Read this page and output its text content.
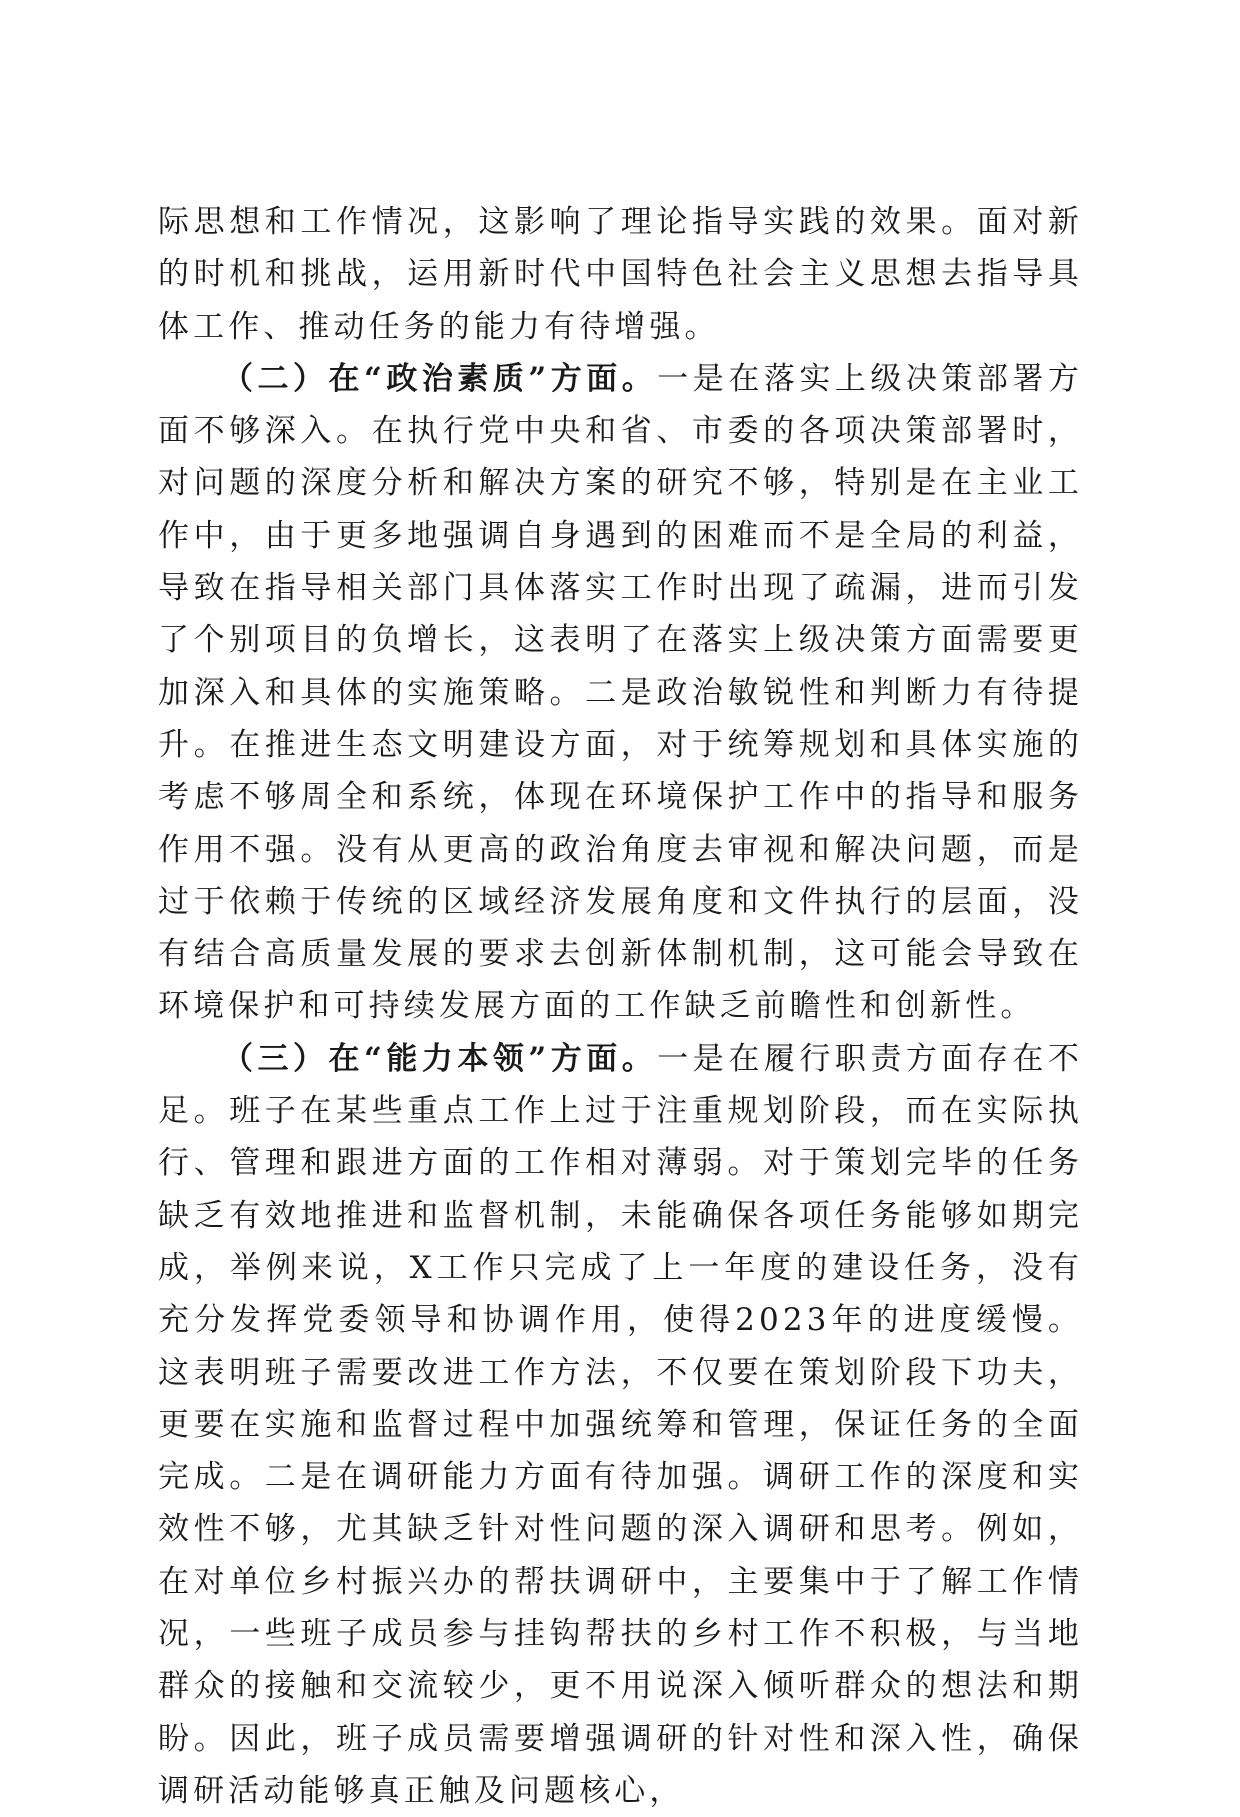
际思想和工作情况，这影响了理论指导实践的效果。面对新的时机和挑战，运用新时代中国特色社会主义思想去指导具体工作、推动任务的能力有待增强。

（二）在“政治素质”方面。一是在落实上级决策部署方面不够深入。在执行党中央和省、市委的各项决策部署时，对问题的深度分析和解决方案的研究不够，特别是在主业工作中，由于更多地强调自身遇到的困难而不是全局的利益，导致在指导相关部门具体落实工作时出现了疏漏，进而引发了个别项目的负增长，这表明了在落实上级决策方面需要更加深入和具体的实施策略。二是政治敏锐性和判断力有待提升。在推进生态文明建设方面，对于统筹规划和具体实施的考虑不够周全和系统，体现在环境保护工作中的指导和服务作用不强。没有从更高的政治角度去审视和解决问题，而是过于依赖于传统的区域经济发展角度和文件执行的层面，没有结合高质量发展的要求去创新体制机制，这可能会导致在环境保护和可持续发展方面的工作缺乏前瞻性和创新性。

（三）在“能力本领”方面。一是在履行职责方面存在不足。班子在某些重点工作上过于注重规划阶段，而在实际执行、管理和跟进方面的工作相对薄弱。对于策划完毕的任务缺乏有效地推进和监督机制，未能确保各项任务能够如期完成，举例来说，X工作只完成了上一年度的建设任务，没有充分发挥党委领导和协调作用，使得2023年的进度缓慢。这表明班子需要改进工作方法，不仅要在策划阶段下功夫，更要在实施和监督过程中加强统筹和管理，保证任务的全面完成。二是在调研能力方面有待加强。调研工作的深度和实效性不够，尤其缺乏针对性问题的深入调研和思考。例如，在对单位乡村振兴办的帮扶调研中，主要集中于了解工作情况，一些班子成员参与挂钩帮扶的乡村工作不积极，与当地群众的接触和交流较少，更不用说深入倾听群众的想法和期盼。因此，班子成员需要增强调研的针对性和深入性，确保调研活动能够真正触及问题核心，
